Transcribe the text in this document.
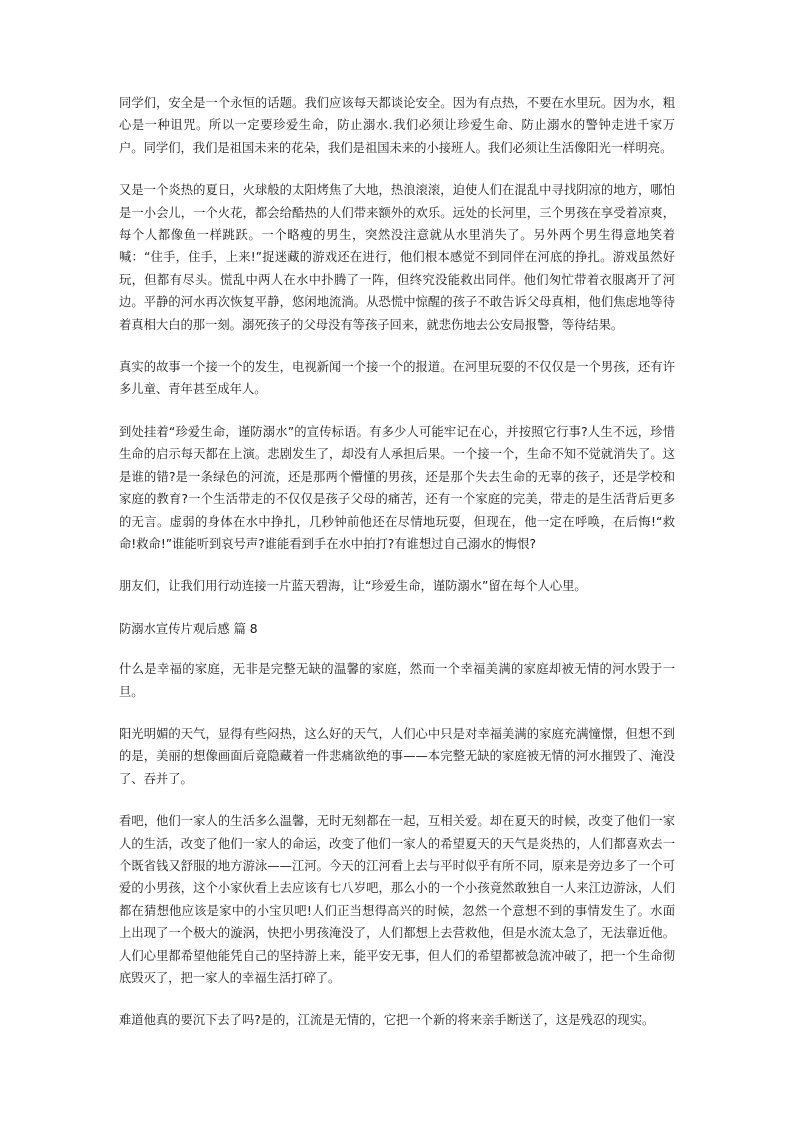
同学们，安全是一个永恒的话题。我们应该每天都谈论安全。因为有点热，不要在水里玩。因为水，粗心是一种诅咒。所以一定要珍爱生命，防止溺水.我们必须让珍爱生命、防止溺水的警钟走进千家万户。同学们，我们是祖国未来的花朵，我们是祖国未来的小接班人。我们必须让生活像阳光一样明亮。

又是一个炎热的夏日，火球般的太阳烤焦了大地，热浪滚滚，迫使人们在混乱中寻找阴凉的地方，哪怕是一小会儿，一个火花，都会给酷热的人们带来额外的欢乐。远处的长河里，三个男孩在享受着凉爽，每个人都像鱼一样跳跃。一个略瘦的男生，突然没注意就从水里消失了。另外两个男生得意地笑着喊：“住手，住手，上来!”捉迷藏的游戏还在进行，他们根本感觉不到同伴在河底的挣扎。游戏虽然好玩，但都有尽头。慌乱中两人在水中扑腾了一阵，但终究没能救出同伴。他们匆忙带着衣服离开了河边。平静的河水再次恢复平静，悠闲地流淌。从恐慌中惊醒的孩子不敢告诉父母真相，他们焦虑地等待着真相大白的那一刻。溺死孩子的父母没有等孩子回来，就悲伤地去公安局报警，等待结果。

真实的故事一个接一个的发生，电视新闻一个接一个的报道。在河里玩耍的不仅仅是一个男孩，还有许多儿童、青年甚至成年人。

到处挂着“珍爱生命，谨防溺水”的宣传标语。有多少人可能牢记在心，并按照它行事?人生不远，珍惜生命的启示每天都在上演。悲剧发生了，却没有人承担后果。一个接一个，生命不知不觉就消失了。这是谁的错?是一条绿色的河流，还是那两个懵懂的男孩，还是那个失去生命的无辜的孩子，还是学校和家庭的教育?一个生活带走的不仅仅是孩子父母的痛苦，还有一个家庭的完美，带走的是生活背后更多的无言。虚弱的身体在水中挣扎，几秒钟前他还在尽情地玩耍，但现在，他一定在呼唤，在后悔!“救命!救命!”谁能听到哀号声?谁能看到手在水中拍打?有谁想过自己溺水的悔恨?

朋友们，让我们用行动连接一片蓝天碧海，让“珍爱生命，谨防溺水”留在每个人心里。

防溺水宣传片观后感 篇 8

什么是幸福的家庭，无非是完整无缺的温馨的家庭，然而一个幸福美满的家庭却被无情的河水毁于一旦。

阳光明媚的天气，显得有些闷热，这么好的天气，人们心中只是对幸福美满的家庭充满憧憬，但想不到的是，美丽的想像画面后竟隐藏着一件悲痛欲绝的事——本完整无缺的家庭被无情的河水摧毁了、淹没了、吞并了。

看吧，他们一家人的生活多么温馨，无时无刻都在一起，互相关爱。却在夏天的时候，改变了他们一家人的生活，改变了他们一家人的命运，改变了他们一家人的希望夏天的天气是炎热的，人们都喜欢去一个既省钱又舒服的地方游泳——江河。今天的江河看上去与平时似乎有所不同，原来是旁边多了一个可爱的小男孩，这个小家伙看上去应该有七八岁吧，那么小的一个小孩竟然敢独自一人来江边游泳，人们都在猜想他应该是家中的小宝贝吧!人们正当想得高兴的时候，忽然一个意想不到的事情发生了。水面上出现了一个极大的漩涡，快把小男孩淹没了，人们都想上去营救他，但是水流太急了，无法靠近他。人们心里都希望他能凭自己的坚持游上来，能平安无事，但人们的希望都被急流冲破了，把一个生命彻底毁灭了，把一家人的幸福生活打碎了。

难道他真的要沉下去了吗?是的，江流是无情的，它把一个新的将来亲手断送了，这是残忍的现实。
